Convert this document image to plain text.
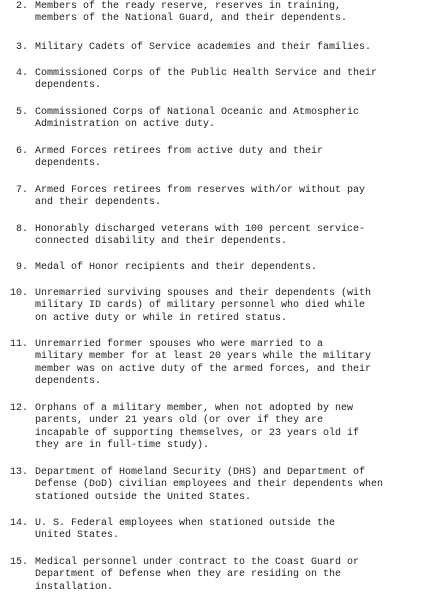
2. Members of the ready reserve, reserves in training,
members of the National Guard, and their dependents.
3. Military Cadets of Service academies and their families.
4. Commissioned Corps of the Public Health Service and their
dependents.
5. Commissioned Corps of National Oceanic and Atmospheric
Administration on active duty.
6. Armed Forces retirees from active duty and their
dependents.
7. Armed Forces retirees from reserves with/or without pay
and their dependents.
8. Honorably discharged veterans with 100 percent service-
connected disability and their dependents.
9. Medal of Honor recipients and their dependents.
10. Unremarried surviving spouses and their dependents (with
military ID cards) of military personnel who died while
on active duty or while in retired status.
11. Unremarried former spouses who were married to a
military member for at least 20 years while the military
member was on active duty of the armed forces, and their
dependents.
12. Orphans of a military member, when not adopted by new
parents, under 21 years old (or over if they are
incapable of supporting themselves, or 23 years old if
they are in full-time study).
13. Department of Homeland Security (DHS) and Department of
Defense (DoD) civilian employees and their dependents when
stationed outside the United States.
14. U. S. Federal employees when stationed outside the
United States.
15. Medical personnel under contract to the Coast Guard or
Department of Defense when they are residing on the
installation.
